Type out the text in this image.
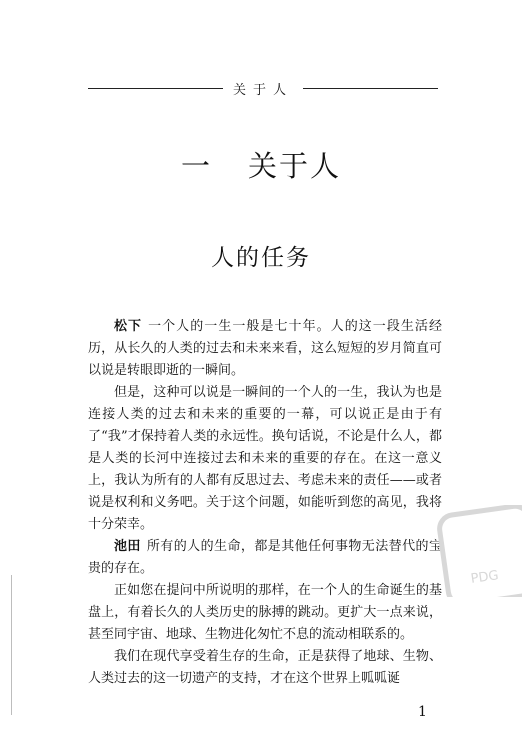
关于人
一 关于人
人的任务

松下 一个人的一生一般是七十年。人的这一段生活经历，从长久的人类的过去和未来来看，这么短短的岁月简直可以说是转眼即逝的一瞬间。

但是，这种可以说是一瞬间的一个人的一生，我认为也是连接人类的过去和未来的重要的一幕，可以说正是由于有了“我”才保持着人类的永远性。换句话说，不论是什么人，都是人类的长河中连接过去和未来的重要的存在。在这一意义上，我认为所有的人都有反思过去、考虑未来的责任——或者说是权利和义务吧。关于这个问题，如能听到您的高见，我将十分荣幸。

池田 所有的人的生命，都是其他任何事物无法替代的宝贵的存在。

正如您在提问中所说明的那样，在一个人的生命诞生的基盘上，有着长久的人类历史的脉搏的跳动。更扩大一点来说，甚至同宇宙、地球、生物进化匆忙不息的流动相联系的。

我们在现代享受着生存的生命，正是获得了地球、生物、人类过去的这一切遗产的支持，才在这个世界上呱呱诞

1
PDG
